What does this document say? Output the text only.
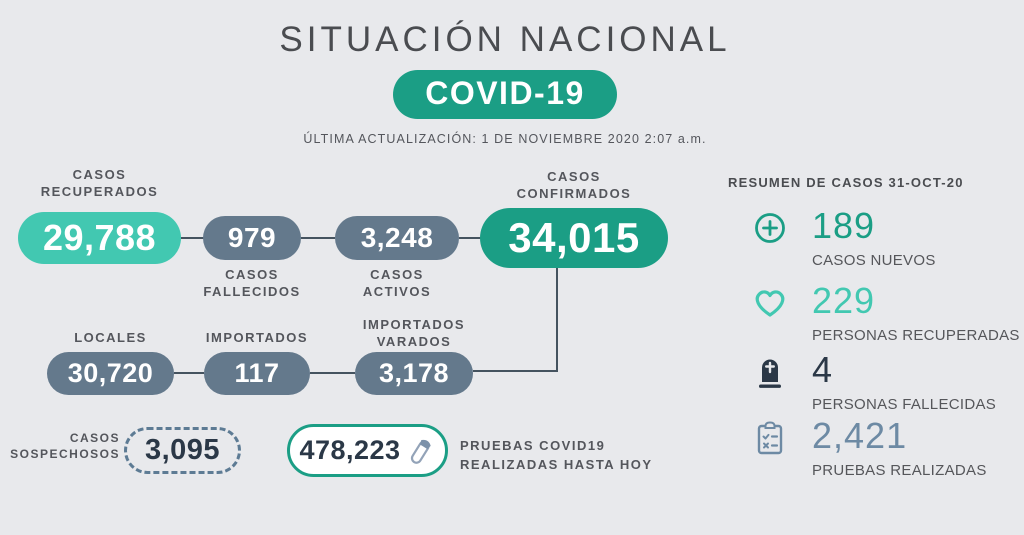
SITUACIÓN NACIONAL
COVID-19
ÚLTIMA ACTUALIZACIÓN: 1 DE NOVIEMBRE 2020 2:07 a.m.
CASOS RECUPERADOS
CASOS CONFIRMADOS
CASOS FALLECIDOS
CASOS ACTIVOS
29,788	979	3,248	34,015
LOCALES	IMPORTADOS
IMPORTADOS VARADOS
30,720	117	3,178
CASOS SOSPECHOSOS 3,095	478,223	PRUEBAS COVID19 REALIZADAS HASTA HOY
RESUMEN DE CASOS 31-OCT-20
189
CASOS NUEVOS
229
PERSONAS RECUPERADAS
4
PERSONAS FALLECIDAS
2,421
PRUEBAS REALIZADAS
